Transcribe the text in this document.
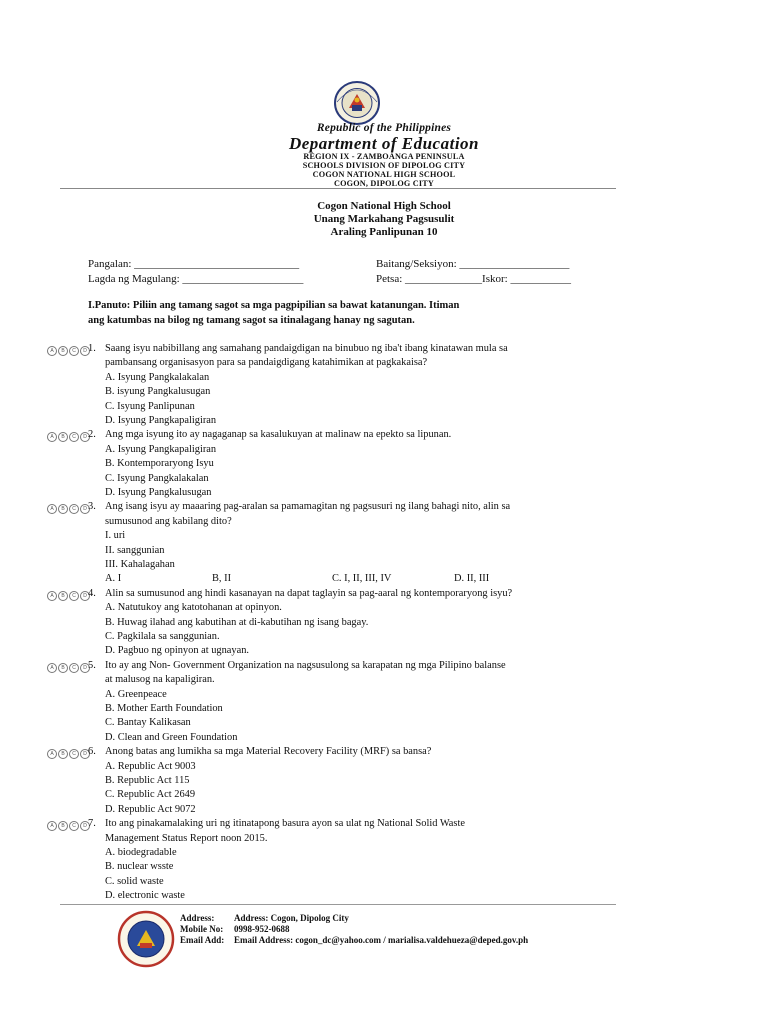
Republic of the Philippines
Department of Education
REGION IX - ZAMBOANGA PENINSULA
SCHOOLS DIVISION OF DIPOLOG CITY
COGON NATIONAL HIGH SCHOOL
COGON, DIPOLOG CITY
Cogon National High School
Unang Markahang Pagsusulit
Araling Panlipunan 10
Pangalan: ______________________________	Baitang/Seksiyon: ____________________
Lagda ng Magulang: ______________________	Petsa: ______________Iskor: ___________
I.Panuto: Piliin ang tamang sagot sa mga pagpipilian sa bawat katanungan. Itiman
ang katumbas na bilog ng tamang sagot sa itinalagang hanay ng sagutan.
A	B	C	D 1. Saang isyu nabibillang ang samahang pandaigdigan na binubuo ng iba't ibang kinatawan mula sa
pambansang organisasyon para sa pandaigdigang katahimikan at pagkakaisa?
A. Isyung Pangkalakalan
B. isyung Pangkalusugan
C. Isyung Panlipunan
D. Isyung Pangkapaligiran
A	B	C	D 2. Ang mga isyung ito ay nagaganap sa kasalukuyan at malinaw na epekto sa lipunan.
A. Isyung Pangkapaligiran
B. Kontemporaryong Isyu
C. Isyung Pangkalakalan
D. Isyung Pangkalusugan
A	B	C	D 3. Ang isang isyu ay maaaring pag-aralan sa pamamagitan ng pagsusuri ng ilang bahagi nito, alin sa
sumusunod ang kabilang dito?
I. uri
II. sanggunian
III. Kahalagahan
A. I	B, II	C. I, II, III, IV	D. II, III
A	B	C	D 4. Alin sa sumusunod ang hindi kasanayan na dapat taglayin sa pag-aaral ng kontemporaryong isyu?
A. Natutukoy ang katotohanan at opinyon.
B. Huwag ilahad ang kabutihan at di-kabutihan ng isang bagay.
C. Pagkilala sa sanggunian.
D. Pagbuo ng opinyon at ugnayan.
A	B	C	D 5. Ito ay ang Non- Government Organization na nagsusulong sa karapatan ng mga Pilipino balanse
at malusog na kapaligiran.
A. Greenpeace
B. Mother Earth Foundation
C. Bantay Kalikasan
D. Clean and Green Foundation
A	B	C	D 6. Anong batas ang lumikha sa mga Material Recovery Facility (MRF) sa bansa?
A. Republic Act 9003
B. Republic Act 115
C. Republic Act 2649
D. Republic Act 9072
A	B	C	D 7. Ito ang pinakamalaking uri ng itinatapong basura ayon sa ulat ng National Solid Waste
Management Status Report noon 2015.
A. biodegradable
B. nuclear wsste
C. solid waste
D. electronic waste
Address: Address: Cogon, Dipolog City
Mobile No: 0998-952-0688
Email Add: Email Address: cogon_dc@yahoo.com / marialisa.valdehueza@deped.gov.ph
